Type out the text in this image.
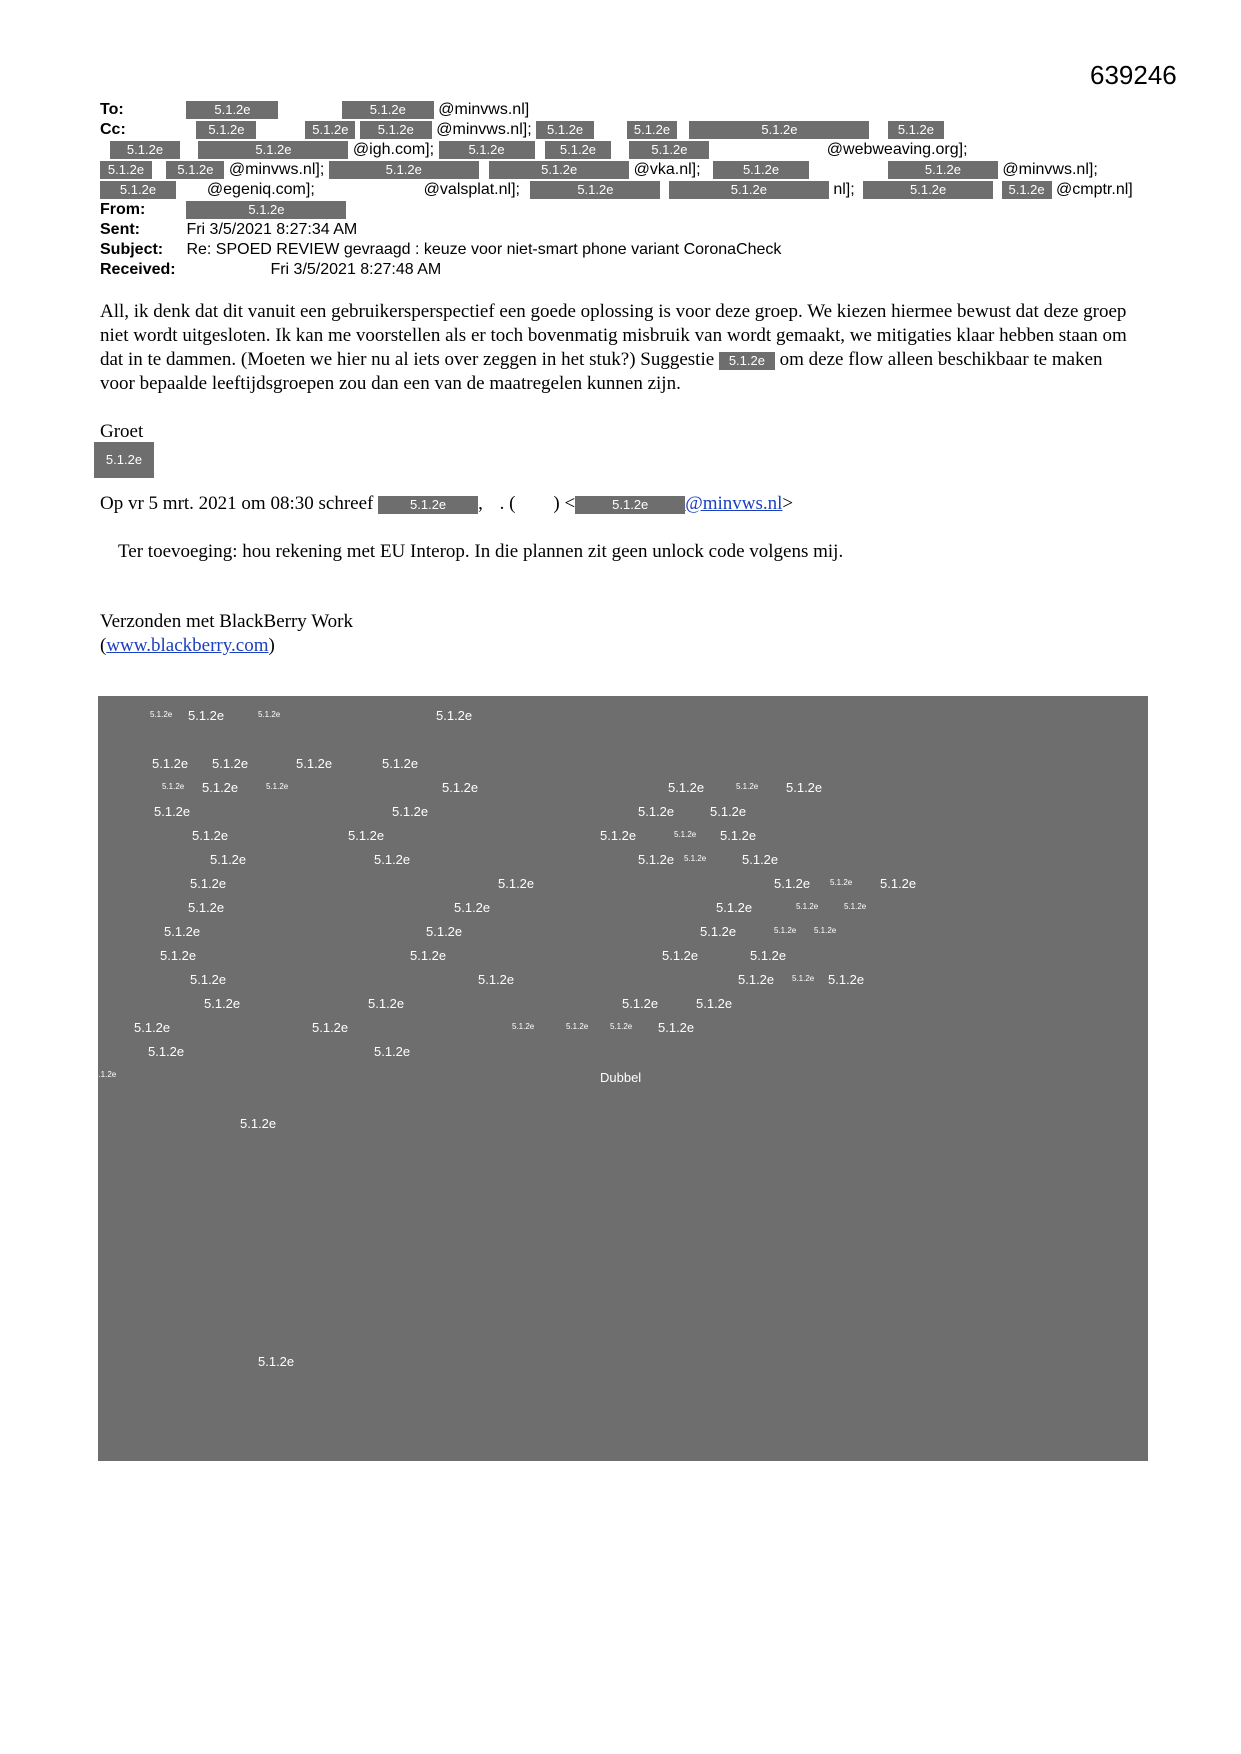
639246
To:	5.1.2e	5.1.2e @minvws.nl]
Cc:	5.1.2e	5.1.2e 5.1.2e @minvws.nl]; 5.1.2e	5.1.2e	5.1.2e	5.1.2e
5.1.2e	5.1.2e	@igh.com];	5.1.2e	5.1.2e	5.1.2e	@webweaving.org];
5.1.2e	5.1.2e @minvws.nl];	5.1.2e	5.1.2e	@vka.nl];	5.1.2e	5.1.2e	@minvws.nl];
5.1.2e	@egeniq.com];	@valsplat.nl];	5.1.2e	5.1.2e	nl];	5.1.2e	5.1.2e @cmptr.nl]
From:	5.1.2e
Sent:	Fri 3/5/2021 8:27:34 AM
Subject: Re: SPOED REVIEW gevraagd : keuze voor niet-smart phone variant CoronaCheck
Received:	Fri 3/5/2021 8:27:48 AM
All, ik denk dat dit vanuit een gebruikersperspectief een goede oplossing is voor deze groep. We kiezen hiermee bewust dat deze groep niet wordt uitgesloten. Ik kan me voorstellen als er toch bovenmatig misbruik van wordt gemaakt, we mitigaties klaar hebben staan om dat in te dammen. (Moeten we hier nu al iets over zeggen in het stuk?) Suggestie 5.1.2e om deze flow alleen beschikbaar te maken voor bepaalde leeftijdsgroepen zou dan een van de maatregelen kunnen zijn.
Groet
5.1.2e
Op vr 5 mrt. 2021 om 08:30 schreef	5.1.2e , . ( ) <	5.1.2e @minvws.nl>
Ter toevoeging: hou rekening met EU Interop. In die plannen zit geen unlock code volgens mij.
Verzonden met BlackBerry Work
(www.blackberry.com)
5.1.2e 5.1.2e	5.1.2e	5.1.2e
5.1.2e 5.1.2e	5.1.2e	5.1.2e
5.1.2e 5.1.2e	5.1.2e	5.1.2e	5.1.2e	5.1.2e 5.1.2e
5.1.2e	5.1.2e	5.1.2e	5.1.2e
5.1.2e	5.1.2e	5.1.2e	5.1.2e 5.1.2e
5.1.2e	5.1.2e	5.1.2e 5.1.2e	5.1.2e
5.1.2e	5.1.2e	5.1.2e 5.1.2e 5.1.2e
5.1.2e	5.1.2e	5.1.2e	5.1.2e	5.1.2e
5.1.2e	5.1.2e	5.1.2e	5.1.2e 5.1.2e
5.1.2e	5.1.2e	5.1.2e	5.1.2e
5.1.2e	5.1.2e	5.1.2e 5.1.2e 5.1.2e
5.1.2e	5.1.2e	5.1.2e	5.1.2e
5.1.2e	5.1.2e	5.1.2e	5.1.2e	5.1.2e 5.1.2e
5.1.2e	5.1.2e
5.1.2e	Dubbel
5.1.2e
5.1.2e
